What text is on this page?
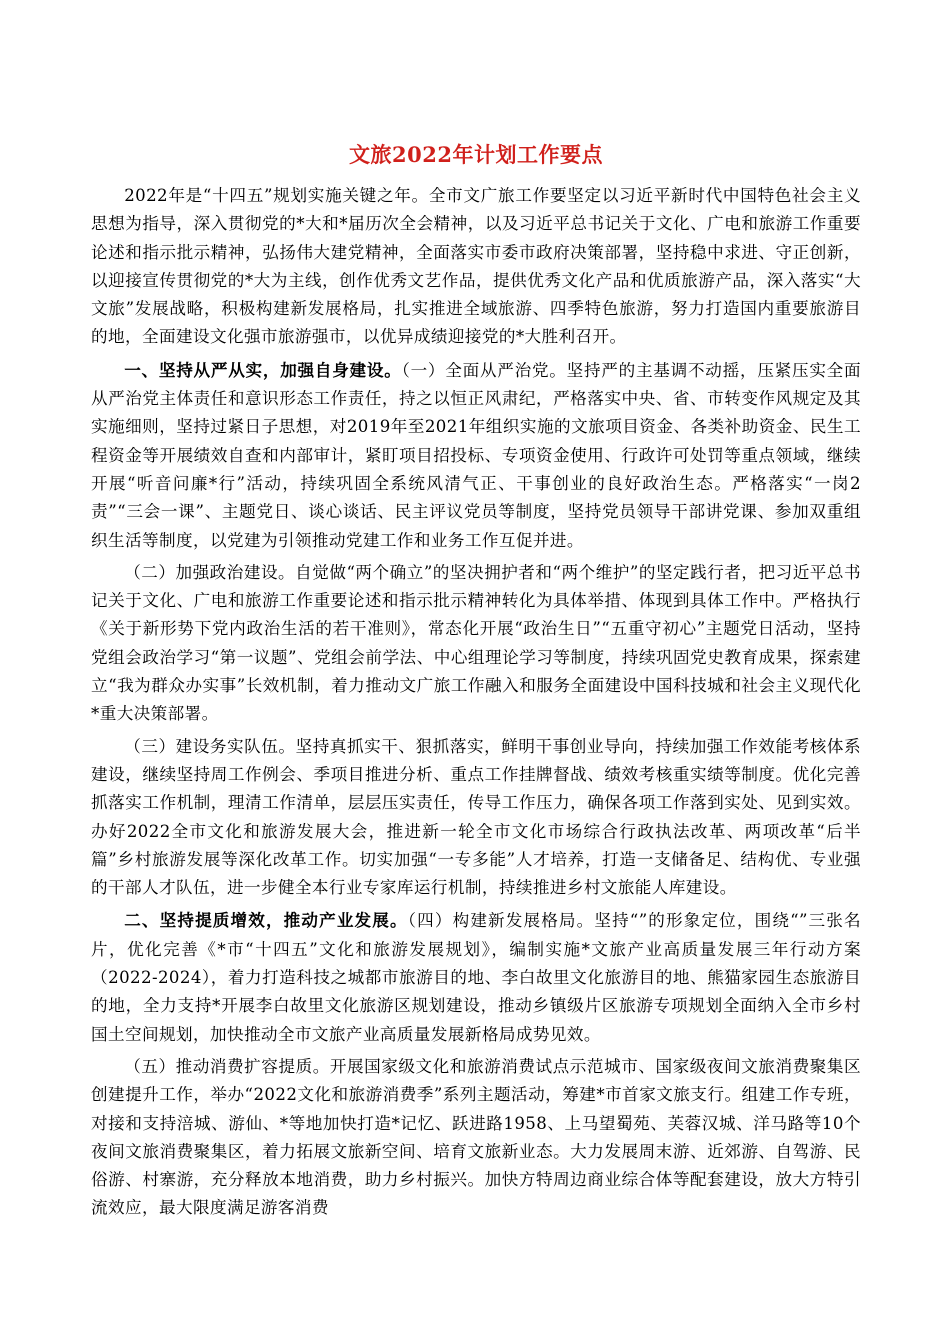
文旅2022年计划工作要点

2022年是“十四五”规划实施关键之年。全市文广旅工作要坚定以习近平新时代中国特色社会主义思想为指导，深入贯彻党的*大和*届历次全会精神，以及习近平总书记关于文化、广电和旅游工作重要论述和指示批示精神，弘扬伟大建党精神，全面落实市委市政府决策部署，坚持稳中求进、守正创新，以迎接宣传贯彻党的*大为主线，创作优秀文艺作品，提供优秀文化产品和优质旅游产品，深入落实“大文旅”发展战略，积极构建新发展格局，扎实推进全域旅游、四季特色旅游，努力打造国内重要旅游目的地，全面建设文化强市旅游强市，以优异成绩迎接党的*大胜利召开。

一、坚持从严从实，加强自身建设。（一）全面从严治党。坚持严的主基调不动摇，压紧压实全面从严治党主体责任和意识形态工作责任，持之以恒正风肃纪，严格落实中央、省、市转变作风规定及其实施细则，坚持过紧日子思想，对2019年至2021年组织实施的文旅项目资金、各类补助资金、民生工程资金等开展绩效自查和内部审计，紧盯项目招投标、专项资金使用、行政许可处罚等重点领域，继续开展“听音问廉*行”活动，持续巩固全系统风清气正、干事创业的良好政治生态。严格落实“一岗2责”“三会一课”、主题党日、谈心谈话、民主评议党员等制度，坚持党员领导干部讲党课、参加双重组织生活等制度，以党建为引领推动党建工作和业务工作互促并进。

（二）加强政治建设。自觉做“两个确立”的坚决拥护者和“两个维护”的坚定践行者，把习近平总书记关于文化、广电和旅游工作重要论述和指示批示精神转化为具体举措、体现到具体工作中。严格执行《关于新形势下党内政治生活的若干准则》，常态化开展“政治生日”“五重守初心”主题党日活动，坚持党组会政治学习“第一议题”、党组会前学法、中心组理论学习等制度，持续巩固党史教育成果，探索建立“我为群众办实事”长效机制，着力推动文广旅工作融入和服务全面建设中国科技城和社会主义现代化*重大决策部署。

（三）建设务实队伍。坚持真抓实干、狠抓落实，鲜明干事创业导向，持续加强工作效能考核体系建设，继续坚持周工作例会、季项目推进分析、重点工作挂牌督战、绩效考核重实绩等制度。优化完善抓落实工作机制，理清工作清单，层层压实责任，传导工作压力，确保各项工作落到实处、见到实效。办好2022全市文化和旅游发展大会，推进新一轮全市文化市场综合行政执法改革、两项改革“后半篇”乡村旅游发展等深化改革工作。切实加强“一专多能”人才培养，打造一支储备足、结构优、专业强的干部人才队伍，进一步健全本行业专家库运行机制，持续推进乡村文旅能人库建设。

二、坚持提质增效，推动产业发展。（四）构建新发展格局。坚持“”的形象定位，围绕“”三张名片，优化完善《*市“十四五”文化和旅游发展规划》，编制实施*文旅产业高质量发展三年行动方案（2022-2024），着力打造科技之城都市旅游目的地、李白故里文化旅游目的地、熊猫家园生态旅游目的地，全力支持*开展李白故里文化旅游区规划建设，推动乡镇级片区旅游专项规划全面纳入全市乡村国土空间规划，加快推动全市文旅产业高质量发展新格局成势见效。

（五）推动消费扩容提质。开展国家级文化和旅游消费试点示范城市、国家级夜间文旅消费聚集区创建提升工作，举办“2022文化和旅游消费季”系列主题活动，筹建*市首家文旅支行。组建工作专班，对接和支持涪城、游仙、*等地加快打造*记忆、跃进路1958、上马望蜀苑、芙蓉汉城、洋马路等10个夜间文旅消费聚集区，着力拓展文旅新空间、培育文旅新业态。大力发展周末游、近郊游、自驾游、民俗游、村寨游，充分释放本地消费，助力乡村振兴。加快方特周边商业综合体等配套建设，放大方特引流效应，最大限度满足游客消费
